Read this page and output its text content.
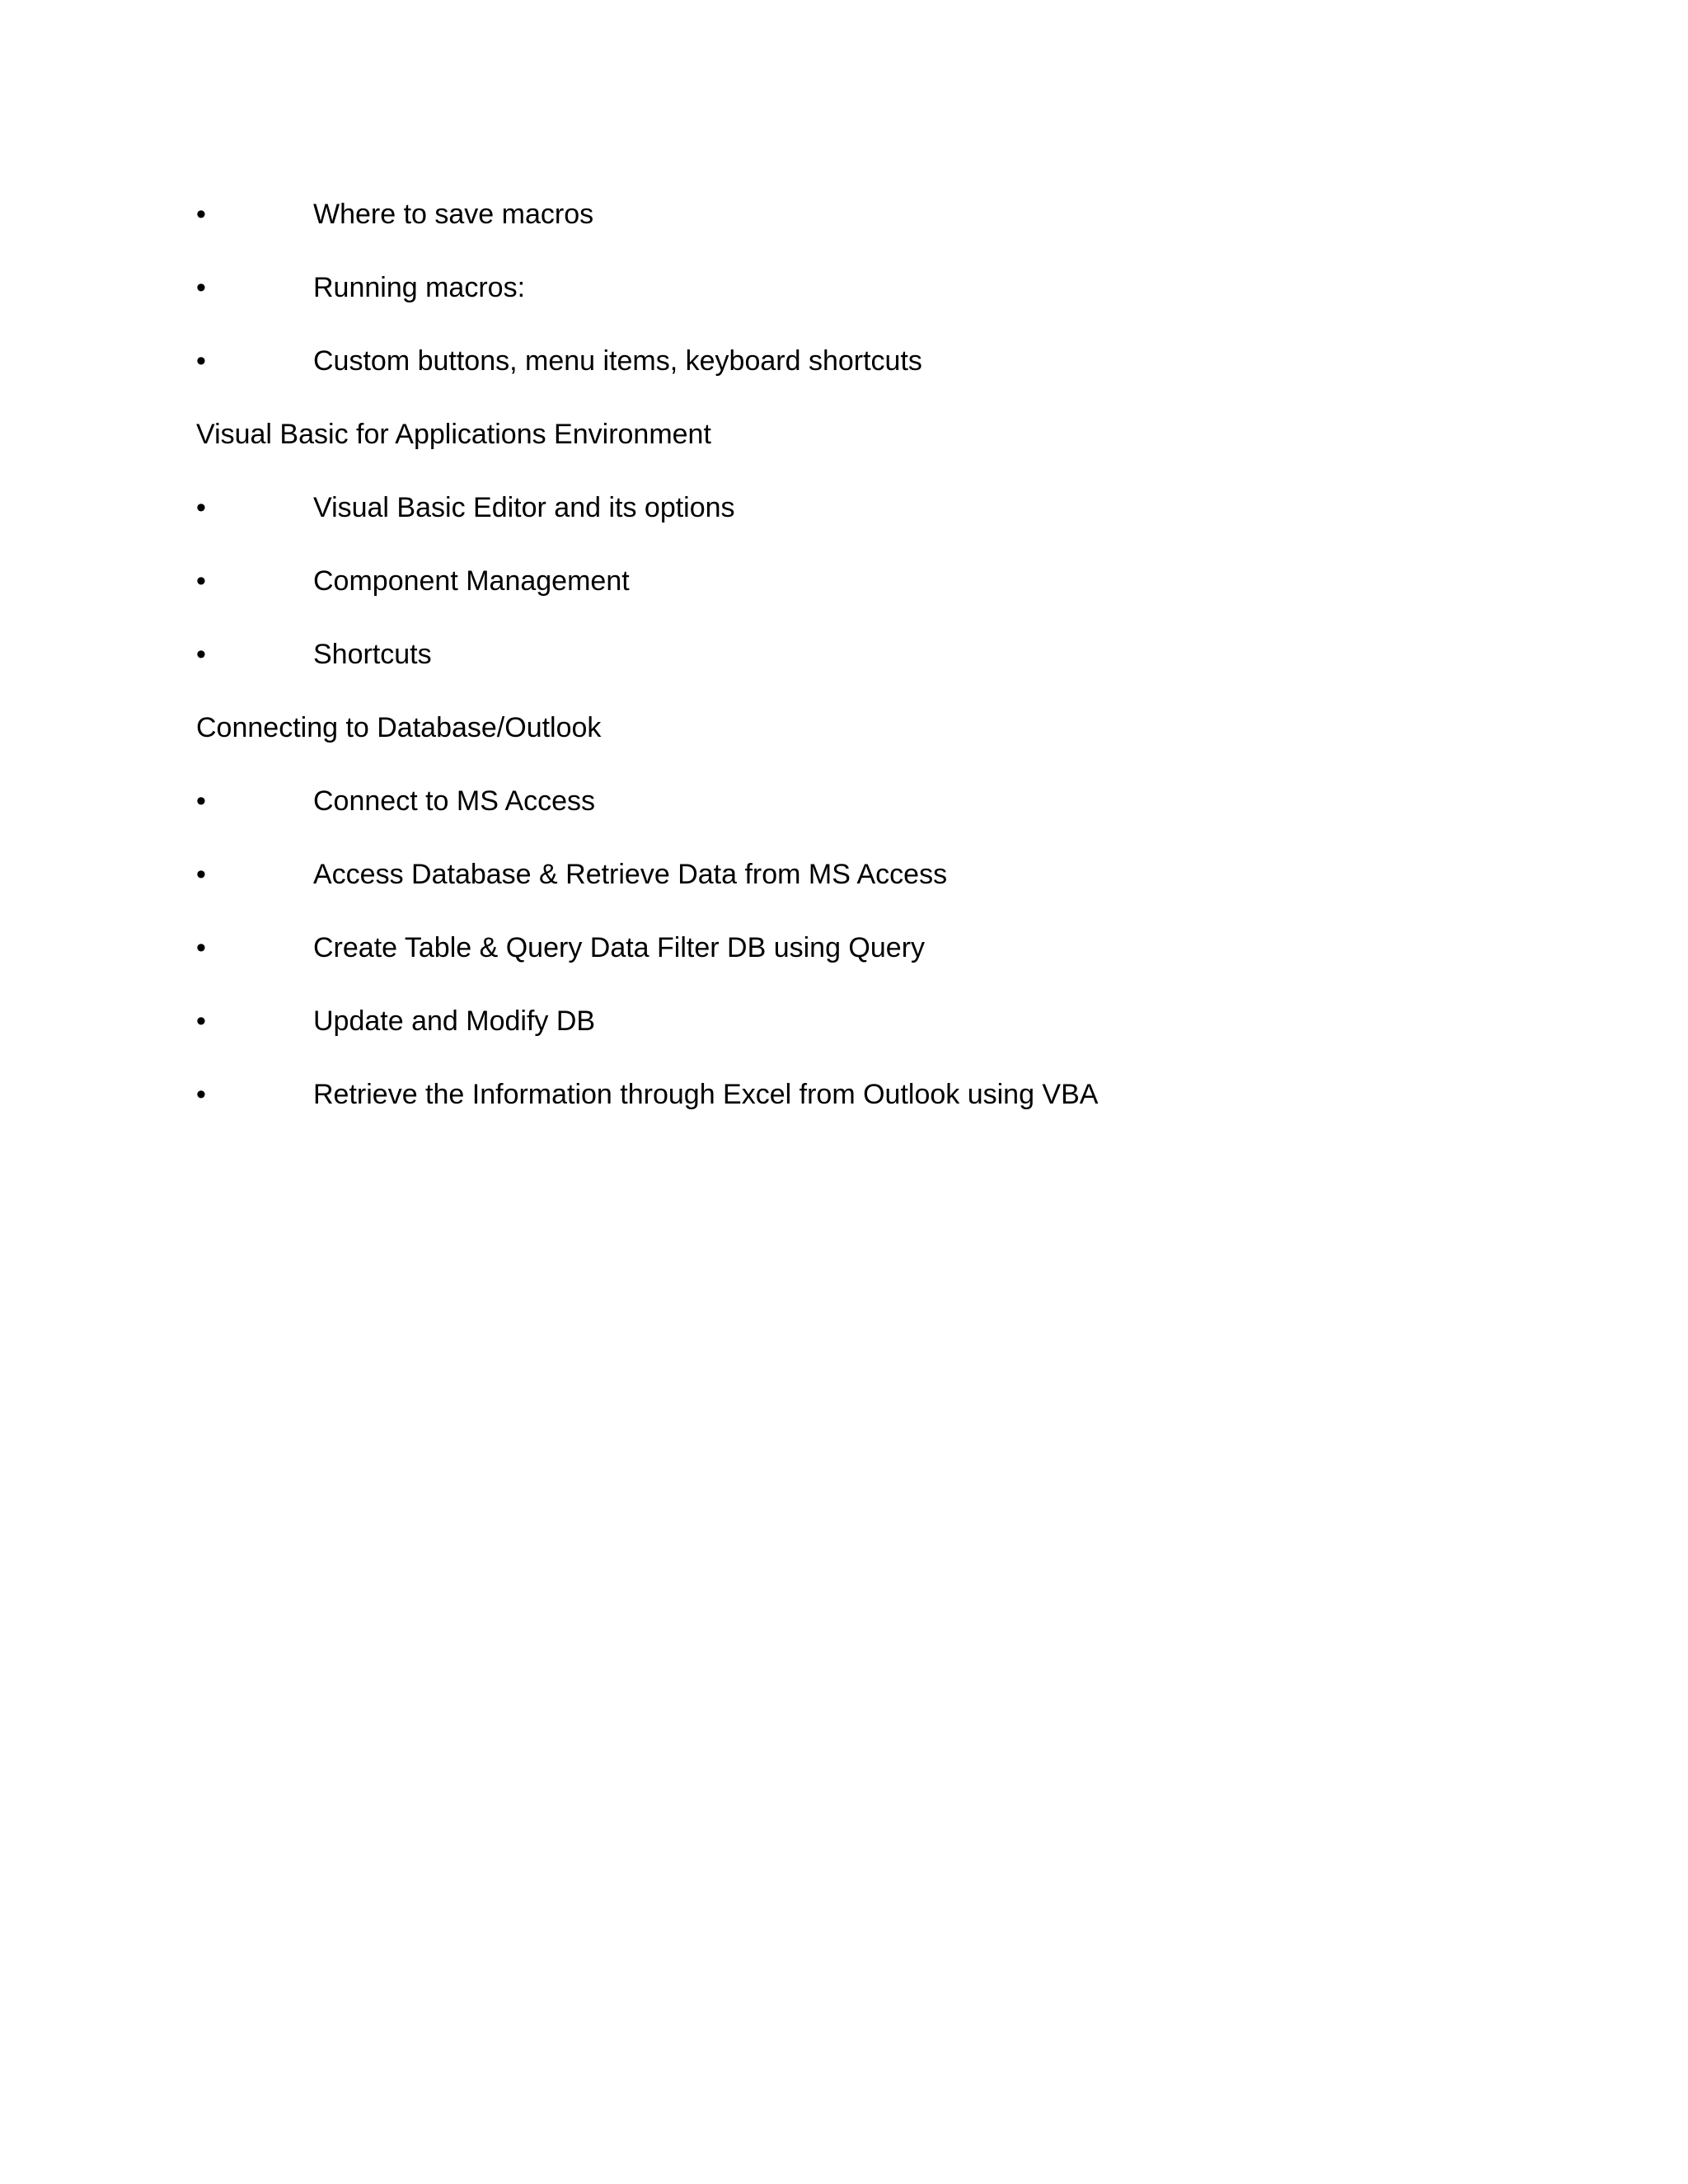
•	Where to save macros
•	Running macros:
•	Custom buttons, menu items, keyboard shortcuts
Visual Basic for Applications Environment
•	Visual Basic Editor and its options
•	Component Management
•	Shortcuts
Connecting to Database/Outlook
•	Connect to MS Access
•	Access Database & Retrieve Data from MS Access
•	Create Table & Query Data Filter DB using Query
•	Update and Modify DB
•	Retrieve the Information through Excel from Outlook using VBA
